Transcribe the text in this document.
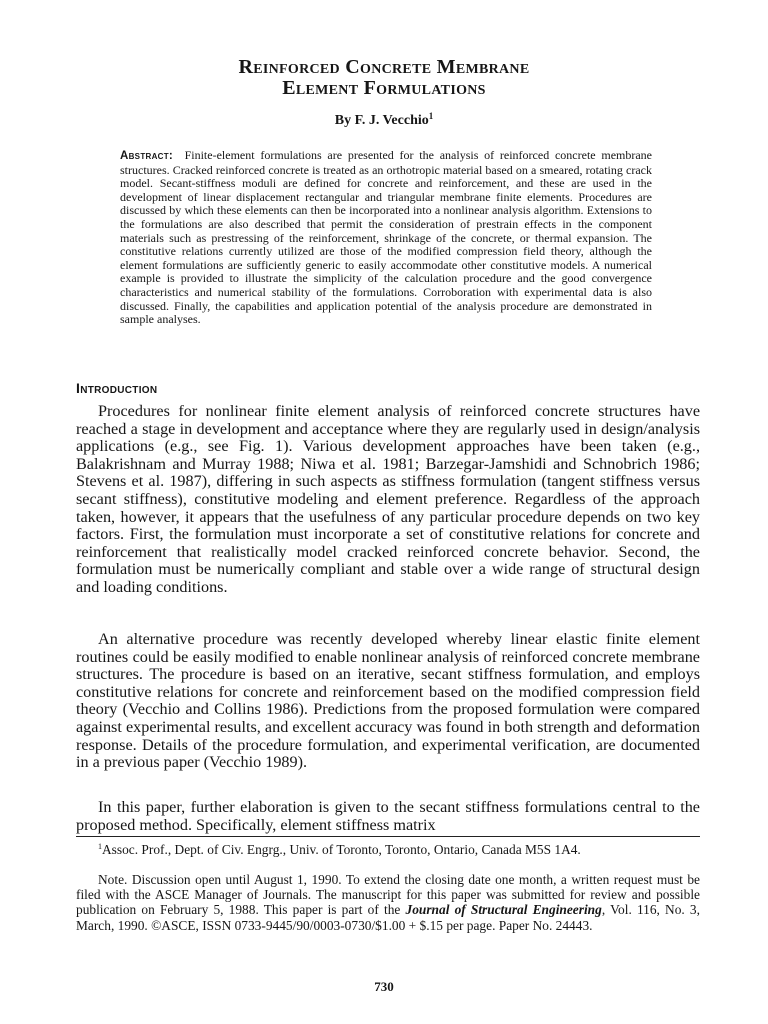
Reinforced Concrete Membrane
Element Formulations
By F. J. Vecchio$^1$
Abstract: Finite-element formulations are presented for the analysis of reinforced concrete membrane structures. Cracked reinforced concrete is treated as an orthotropic material based on a smeared, rotating crack model. Secant-stiffness moduli are defined for concrete and reinforcement, and these are used in the development of linear displacement rectangular and triangular membrane finite elements. Procedures are discussed by which these elements can then be incorporated into a nonlinear analysis algorithm. Extensions to the formulations are also described that permit the consideration of prestrain effects in the component materials such as prestressing of the reinforcement, shrinkage of the concrete, or thermal expansion. The constitutive relations currently utilized are those of the modified compression field theory, although the element formulations are sufficiently generic to easily accommodate other constitutive models. A numerical example is provided to illustrate the simplicity of the calculation procedure and the good convergence characteristics and numerical stability of the formulations. Corroboration with experimental data is also discussed. Finally, the capabilities and application potential of the analysis procedure are demonstrated in sample analyses.
Introduction

Procedures for nonlinear finite element analysis of reinforced concrete structures have reached a stage in development and acceptance where they are regularly used in design/analysis applications (e.g., see Fig. 1). Various development approaches have been taken (e.g., Balakrishnam and Murray 1988; Niwa et al. 1981; Barzegar-Jamshidi and Schnobrich 1986; Stevens et al. 1987), differing in such aspects as stiffness formulation (tangent stiffness versus secant stiffness), constitutive modeling and element preference. Regardless of the approach taken, however, it appears that the usefulness of any particular procedure depends on two key factors. First, the formulation must incorporate a set of constitutive relations for concrete and reinforcement that realistically model cracked reinforced concrete behavior. Second, the formulation must be numerically compliant and stable over a wide range of structural design and loading conditions.

An alternative procedure was recently developed whereby linear elastic finite element routines could be easily modified to enable nonlinear analysis of reinforced concrete membrane structures. The procedure is based on an iterative, secant stiffness formulation, and employs constitutive relations for concrete and reinforcement based on the modified compression field theory (Vecchio and Collins 1986). Predictions from the proposed formulation were compared against experimental results, and excellent accuracy was found in both strength and deformation response. Details of the procedure formulation, and experimental verification, are documented in a previous paper (Vecchio 1989).

In this paper, further elaboration is given to the secant stiffness formulations central to the proposed method. Specifically, element stiffness matrix

$^1$Assoc. Prof., Dept. of Civ. Engrg., Univ. of Toronto, Toronto, Ontario, Canada M5S 1A4.

Note. Discussion open until August 1, 1990. To extend the closing date one month, a written request must be filed with the ASCE Manager of Journals. The manuscript for this paper was submitted for review and possible publication on February 5, 1988. This paper is part of the Journal of Structural Engineering, Vol. 116, No. 3, March, 1990. ©ASCE, ISSN 0733-9445/90/0003-0730/$1.00 + $.15 per page. Paper No. 24443.

730
